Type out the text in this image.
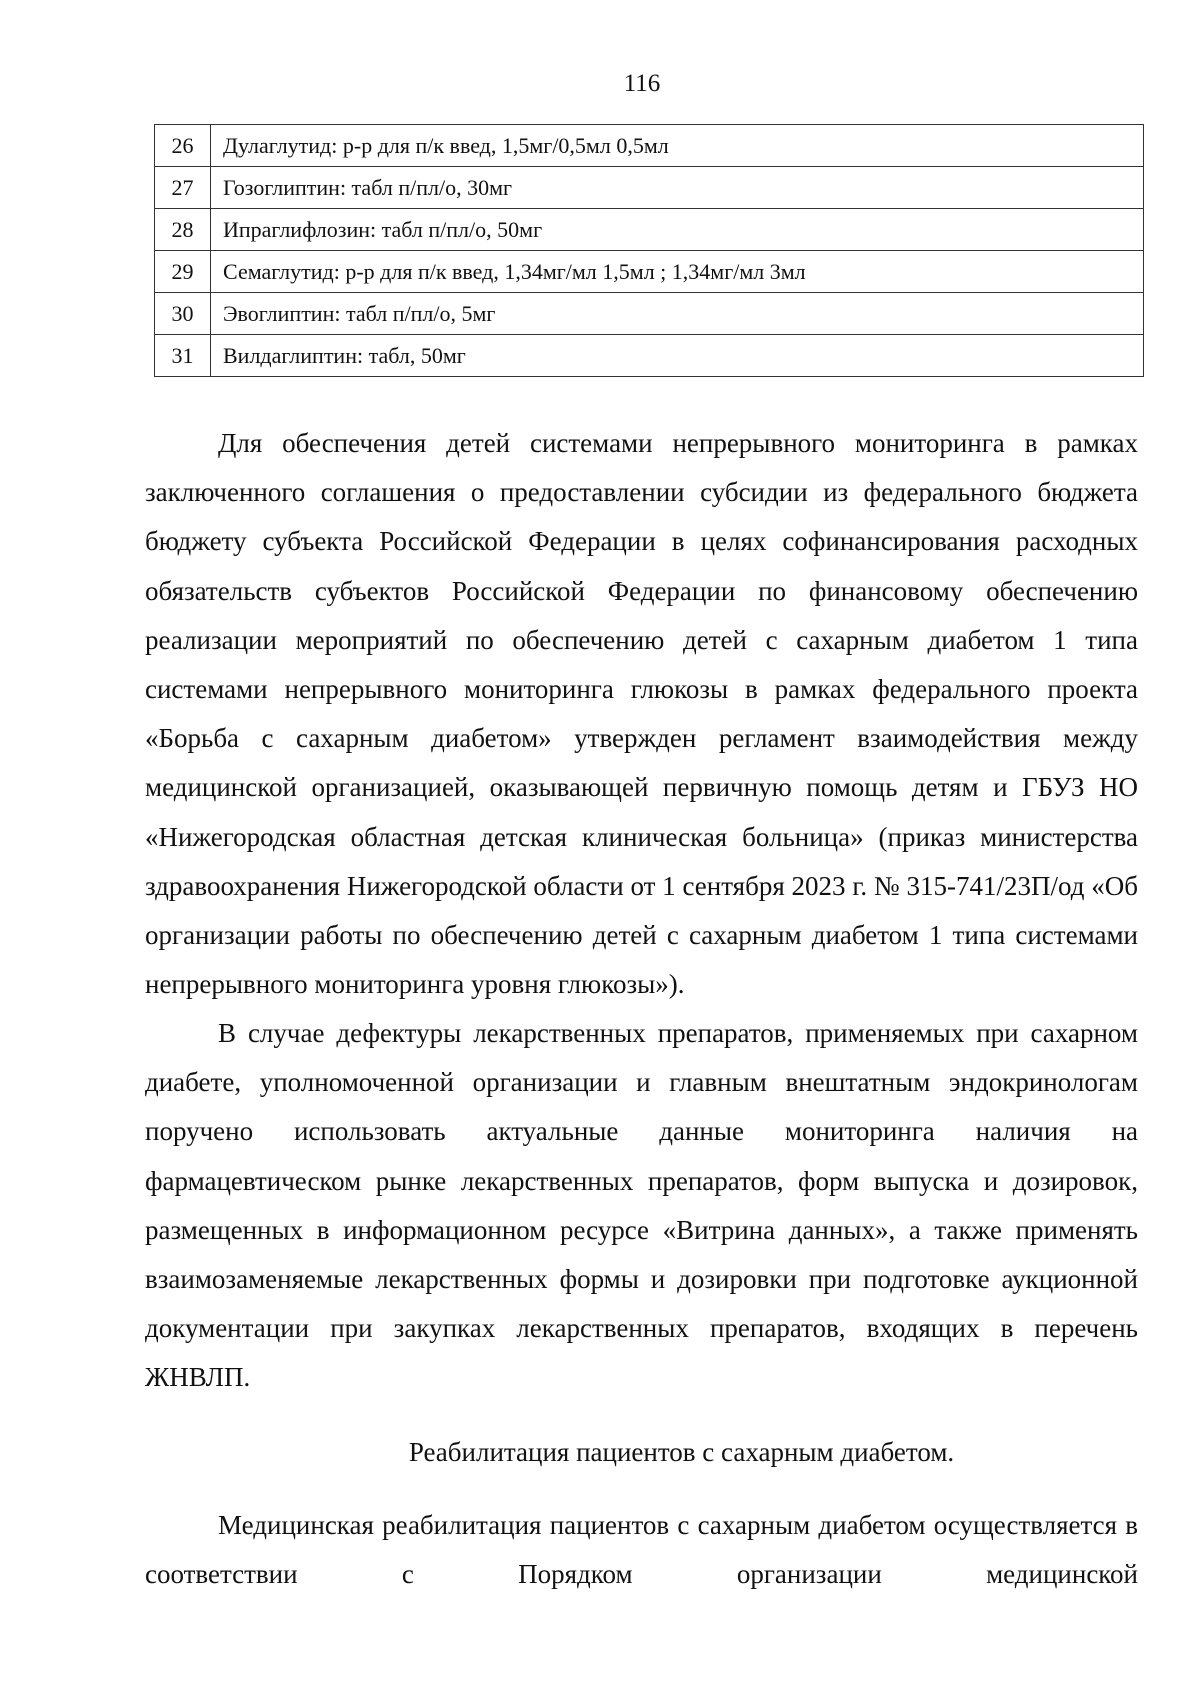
116
26	Дулаглутид: р-р для п/к введ, 1,5мг/0,5мл 0,5мл
27	Гозоглиптин: табл п/пл/о, 30мг
28	Ипраглифлозин: табл п/пл/о, 50мг
29	Семаглутид: р-р для п/к введ, 1,34мг/мл 1,5мл ; 1,34мг/мл 3мл
30	Эвоглиптин: табл п/пл/о, 5мг
31	Вилдаглиптин: табл, 50мг

Для обеспечения детей системами непрерывного мониторинга в рамках заключенного соглашения о предоставлении субсидии из федерального бюджета бюджету субъекта Российской Федерации в целях софинансирования расходных обязательств субъектов Российской Федерации по финансовому обеспечению реализации мероприятий по обеспечению детей с сахарным диабетом 1 типа системами непрерывного мониторинга глюкозы в рамках федерального проекта «Борьба с сахарным диабетом» утвержден регламент взаимодействия между медицинской организацией, оказывающей первичную помощь детям и ГБУЗ НО «Нижегородская областная детская клиническая больница» (приказ министерства здравоохранения Нижегородской области от 1 сентября 2023 г. № 315-741/23П/од «Об организации работы по обеспечению детей с сахарным диабетом 1 типа системами непрерывного мониторинга уровня глюкозы»).

В случае дефектуры лекарственных препаратов, применяемых при сахарном диабете, уполномоченной организации и главным внештатным эндокринологам поручено использовать актуальные данные мониторинга наличия на фармацевтическом рынке лекарственных препаратов, форм выпуска и дозировок, размещенных в информационном ресурсе «Витрина данных», а также применять взаимозаменяемые лекарственных формы и дозировки при подготовке аукционной документации при закупках лекарственных препаратов, входящих в перечень ЖНВЛП.

Реабилитация пациентов с сахарным диабетом.

Медицинская реабилитация пациентов с сахарным диабетом осуществляется в соответствии с Порядком организации медицинской
